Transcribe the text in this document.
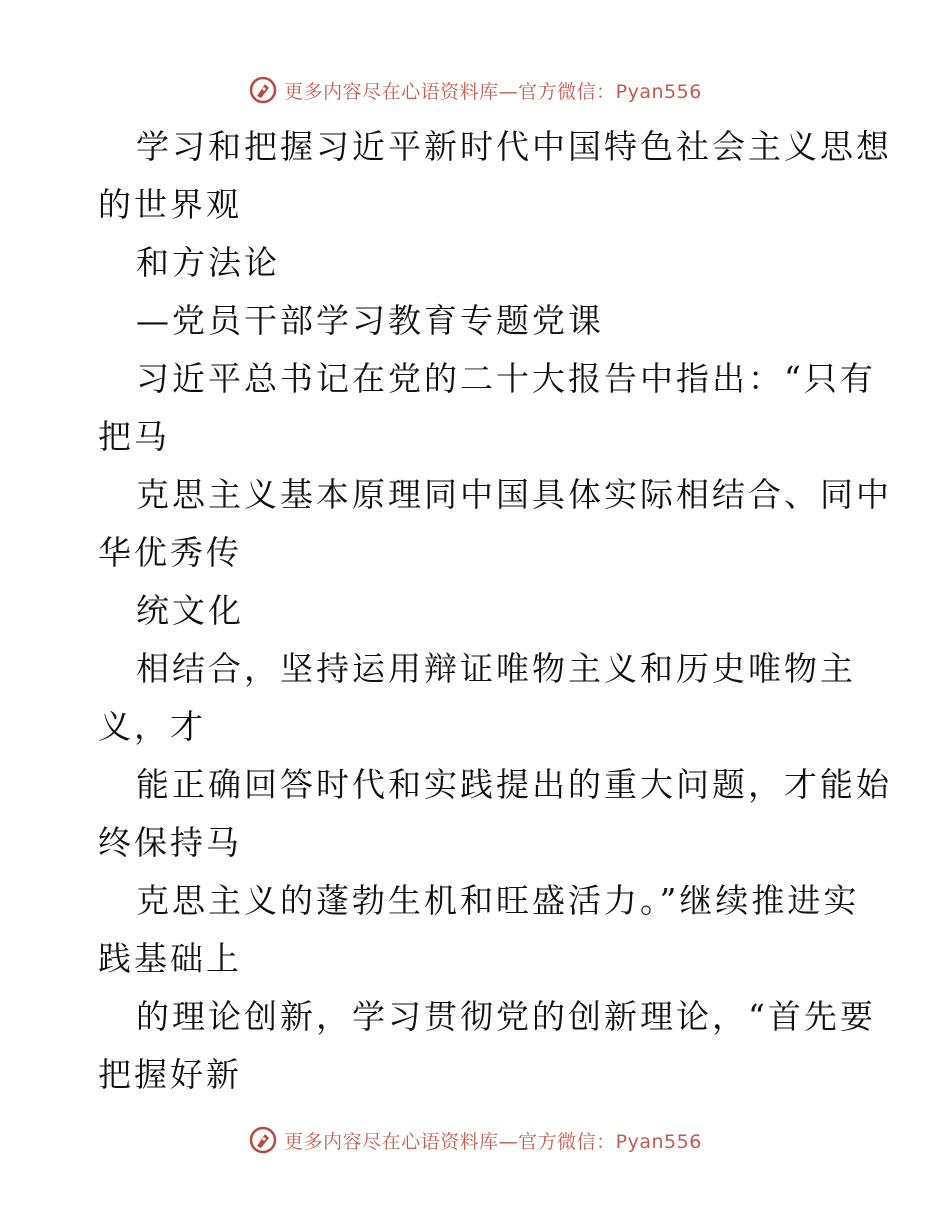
更多内容尽在心语资料库—官方微信：Pyan556
学习和把握习近平新时代中国特色社会主义思想
的世界观
和方法论
—党员干部学习教育专题党课
习近平总书记在党的二十大报告中指出：“只有
把马
克思主义基本原理同中国具体实际相结合、同中
华优秀传
统文化
相结合，坚持运用辩证唯物主义和历史唯物主
义，才
能正确回答时代和实践提出的重大问题，才能始
终保持马
克思主义的蓬勃生机和旺盛活力。”继续推进实
践基础上
的理论创新，学习贯彻党的创新理论，“首先要
把握好新
更多内容尽在心语资料库—官方微信：Pyan556
